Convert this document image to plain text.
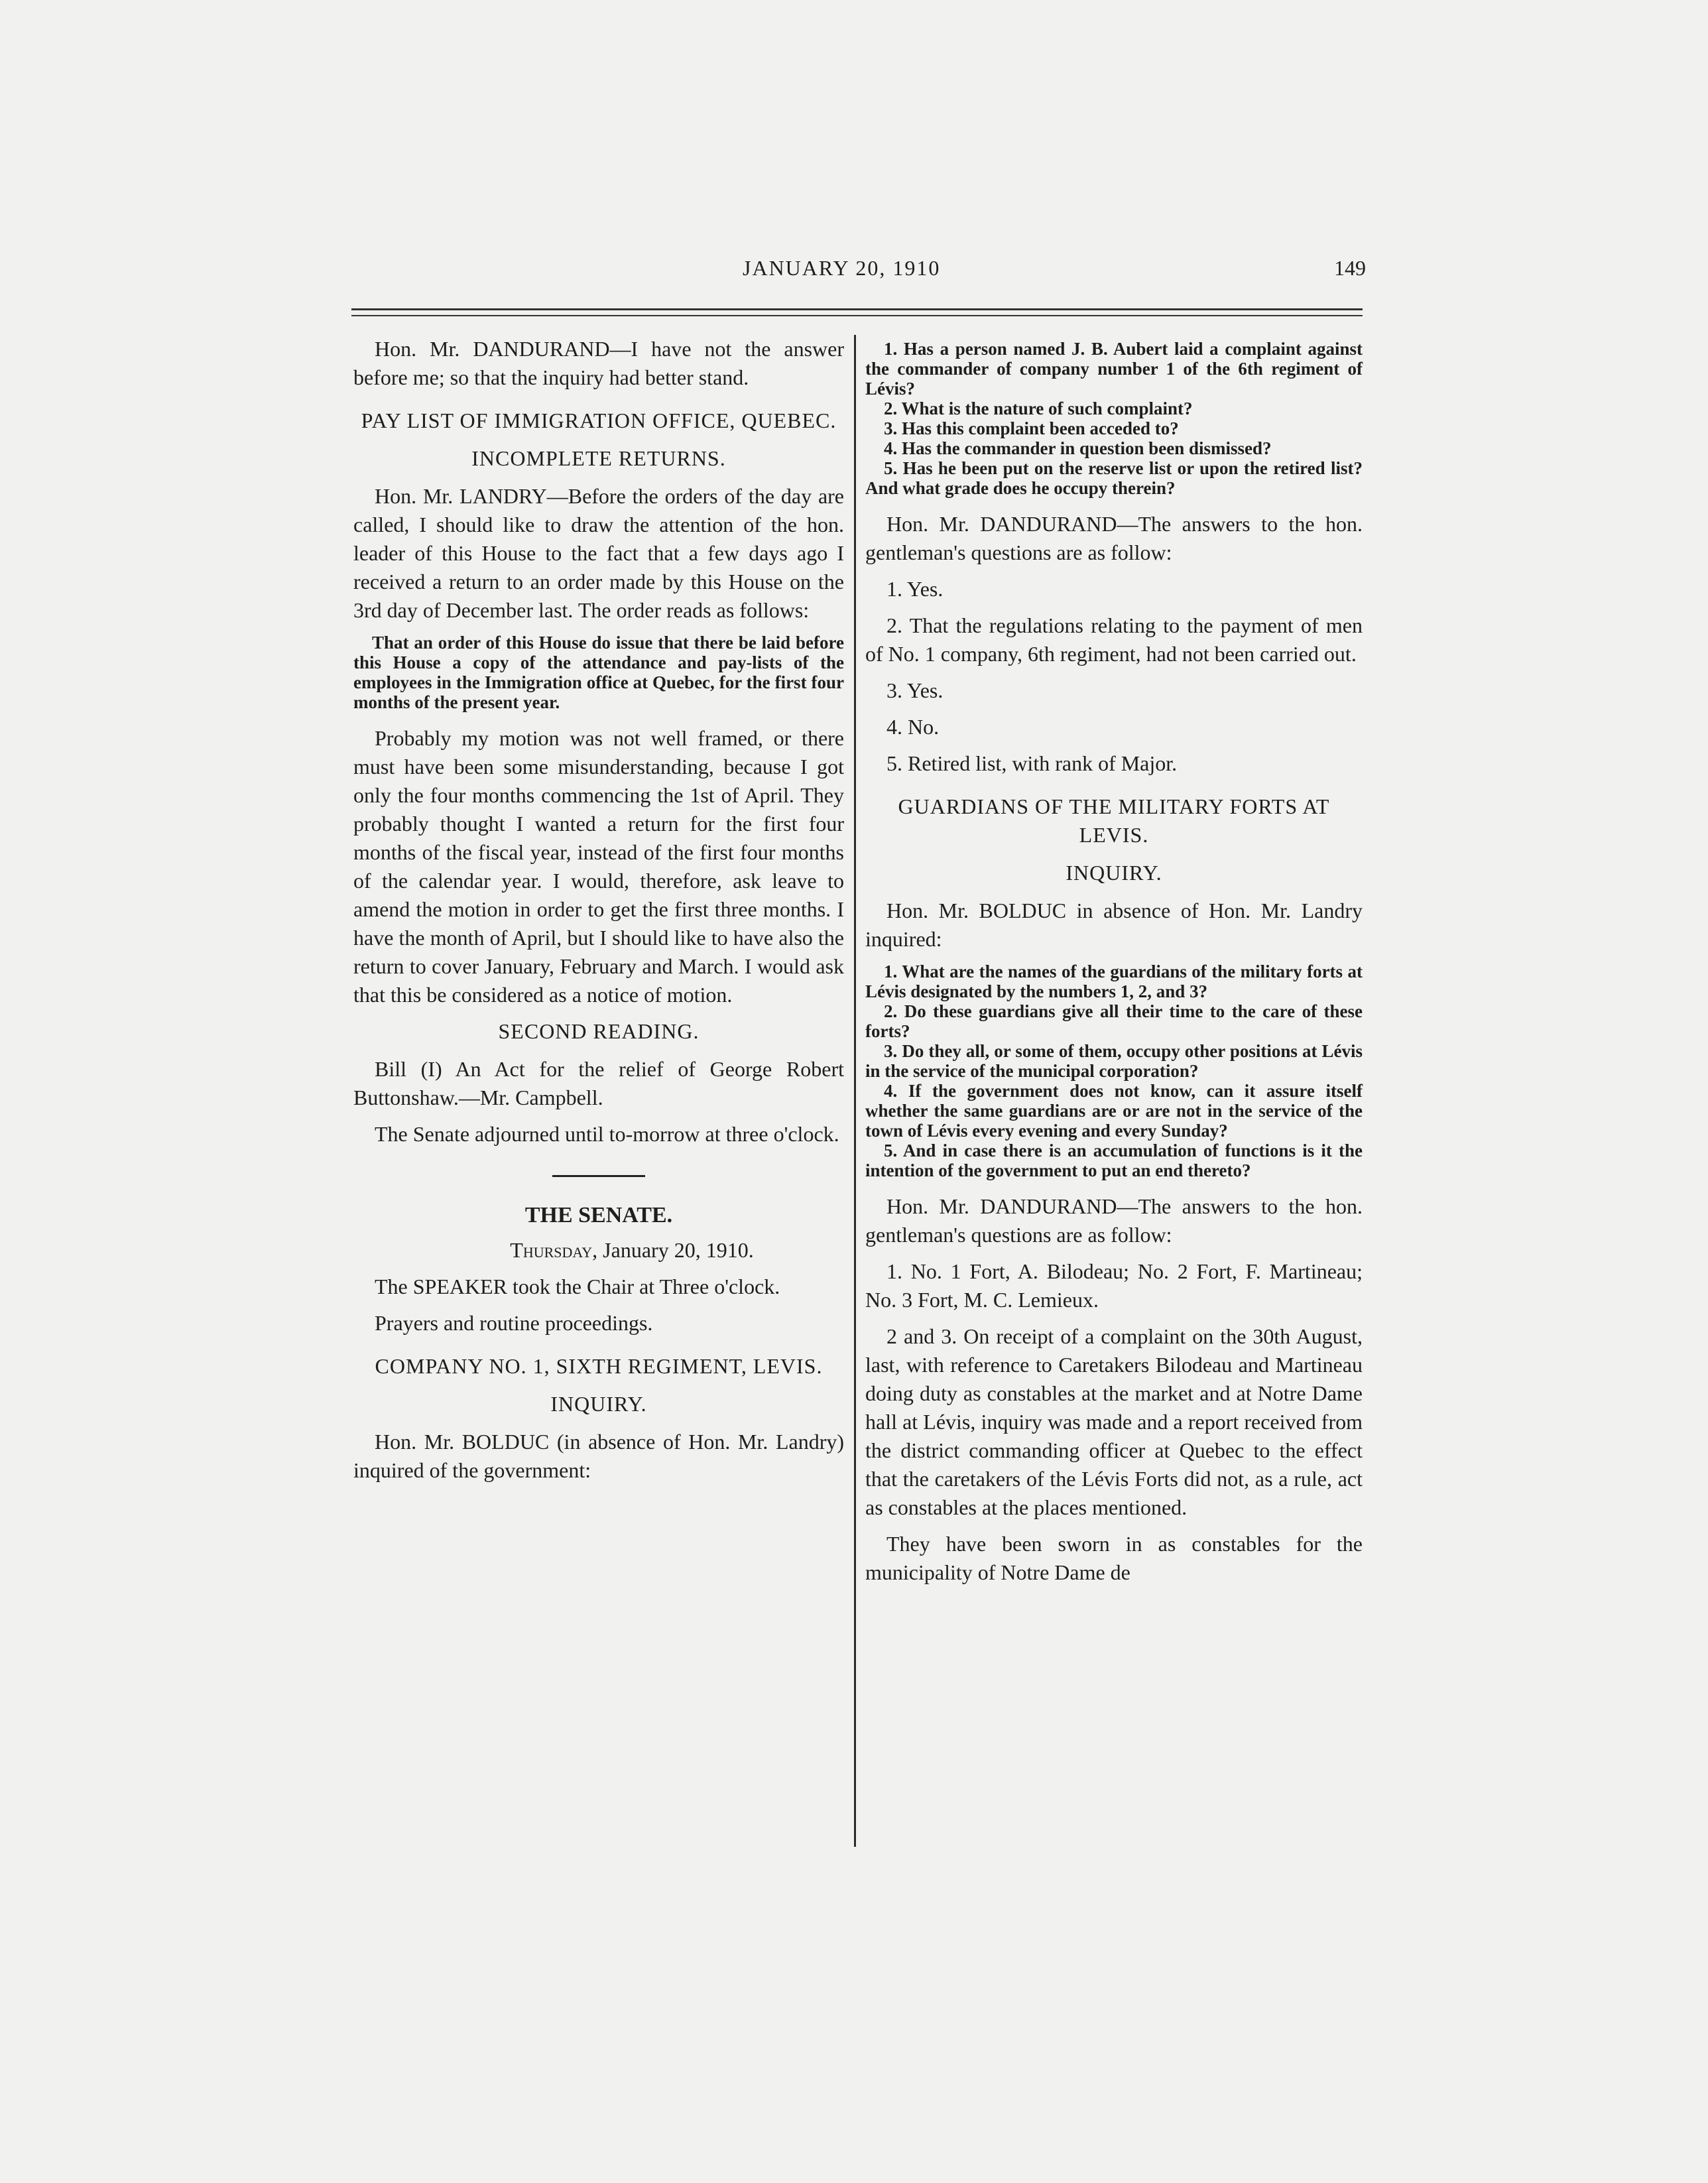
JANUARY 20, 1910	149

Hon. Mr. DANDURAND—I have not the answer before me; so that the inquiry had better stand.

PAY LIST OF IMMIGRATION OFFICE, QUEBEC.

INCOMPLETE RETURNS.

Hon. Mr. LANDRY—Before the orders of the day are called, I should like to draw the attention of the hon. leader of this House to the fact that a few days ago I received a return to an order made by this House on the 3rd day of December last. The order reads as follows:

That an order of this House do issue that there be laid before this House a copy of the attendance and pay-lists of the employees in the Immigration office at Quebec, for the first four months of the present year.

Probably my motion was not well framed, or there must have been some misunderstanding, because I got only the four months commencing the 1st of April. They probably thought I wanted a return for the first four months of the fiscal year, instead of the first four months of the calendar year. I would, therefore, ask leave to amend the motion in order to get the first three months. I have the month of April, but I should like to have also the return to cover January, February and March. I would ask that this be considered as a notice of motion.

SECOND READING.

Bill (I) An Act for the relief of George Robert Buttonshaw.—Mr. Campbell.

The Senate adjourned until to-morrow at three o'clock.

THE SENATE.

Thursday, January 20, 1910.

The SPEAKER took the Chair at Three o'clock.

Prayers and routine proceedings.

COMPANY NO. 1, SIXTH REGIMENT, LEVIS.

INQUIRY.

Hon. Mr. BOLDUC (in absence of Hon. Mr. Landry) inquired of the government:

1. Has a person named J. B. Aubert laid a complaint against the commander of company number 1 of the 6th regiment of Lévis?

2. What is the nature of such complaint?

3. Has this complaint been acceded to?

4. Has the commander in question been dismissed?

5. Has he been put on the reserve list or upon the retired list? And what grade does he occupy therein?

Hon. Mr. DANDURAND—The answers to the hon. gentleman's questions are as follow:

1. Yes.

2. That the regulations relating to the payment of men of No. 1 company, 6th regiment, had not been carried out.

3. Yes.

4. No.

5. Retired list, with rank of Major.

GUARDIANS OF THE MILITARY FORTS AT LEVIS.

INQUIRY.

Hon. Mr. BOLDUC in absence of Hon. Mr. Landry inquired:

1. What are the names of the guardians of the military forts at Lévis designated by the numbers 1, 2, and 3?

2. Do these guardians give all their time to the care of these forts?

3. Do they all, or some of them, occupy other positions at Lévis in the service of the municipal corporation?

4. If the government does not know, can it assure itself whether the same guardians are or are not in the service of the town of Lévis every evening and every Sunday?

5. And in case there is an accumulation of functions is it the intention of the government to put an end thereto?

Hon. Mr. DANDURAND—The answers to the hon. gentleman's questions are as follow:

1. No. 1 Fort, A. Bilodeau; No. 2 Fort, F. Martineau; No. 3 Fort, M. C. Lemieux.

2 and 3. On receipt of a complaint on the 30th August, last, with reference to Caretakers Bilodeau and Martineau doing duty as constables at the market and at Notre Dame hall at Lévis, inquiry was made and a report received from the district commanding officer at Quebec to the effect that the caretakers of the Lévis Forts did not, as a rule, act as constables at the places mentioned.

They have been sworn in as constables for the municipality of Notre Dame de
